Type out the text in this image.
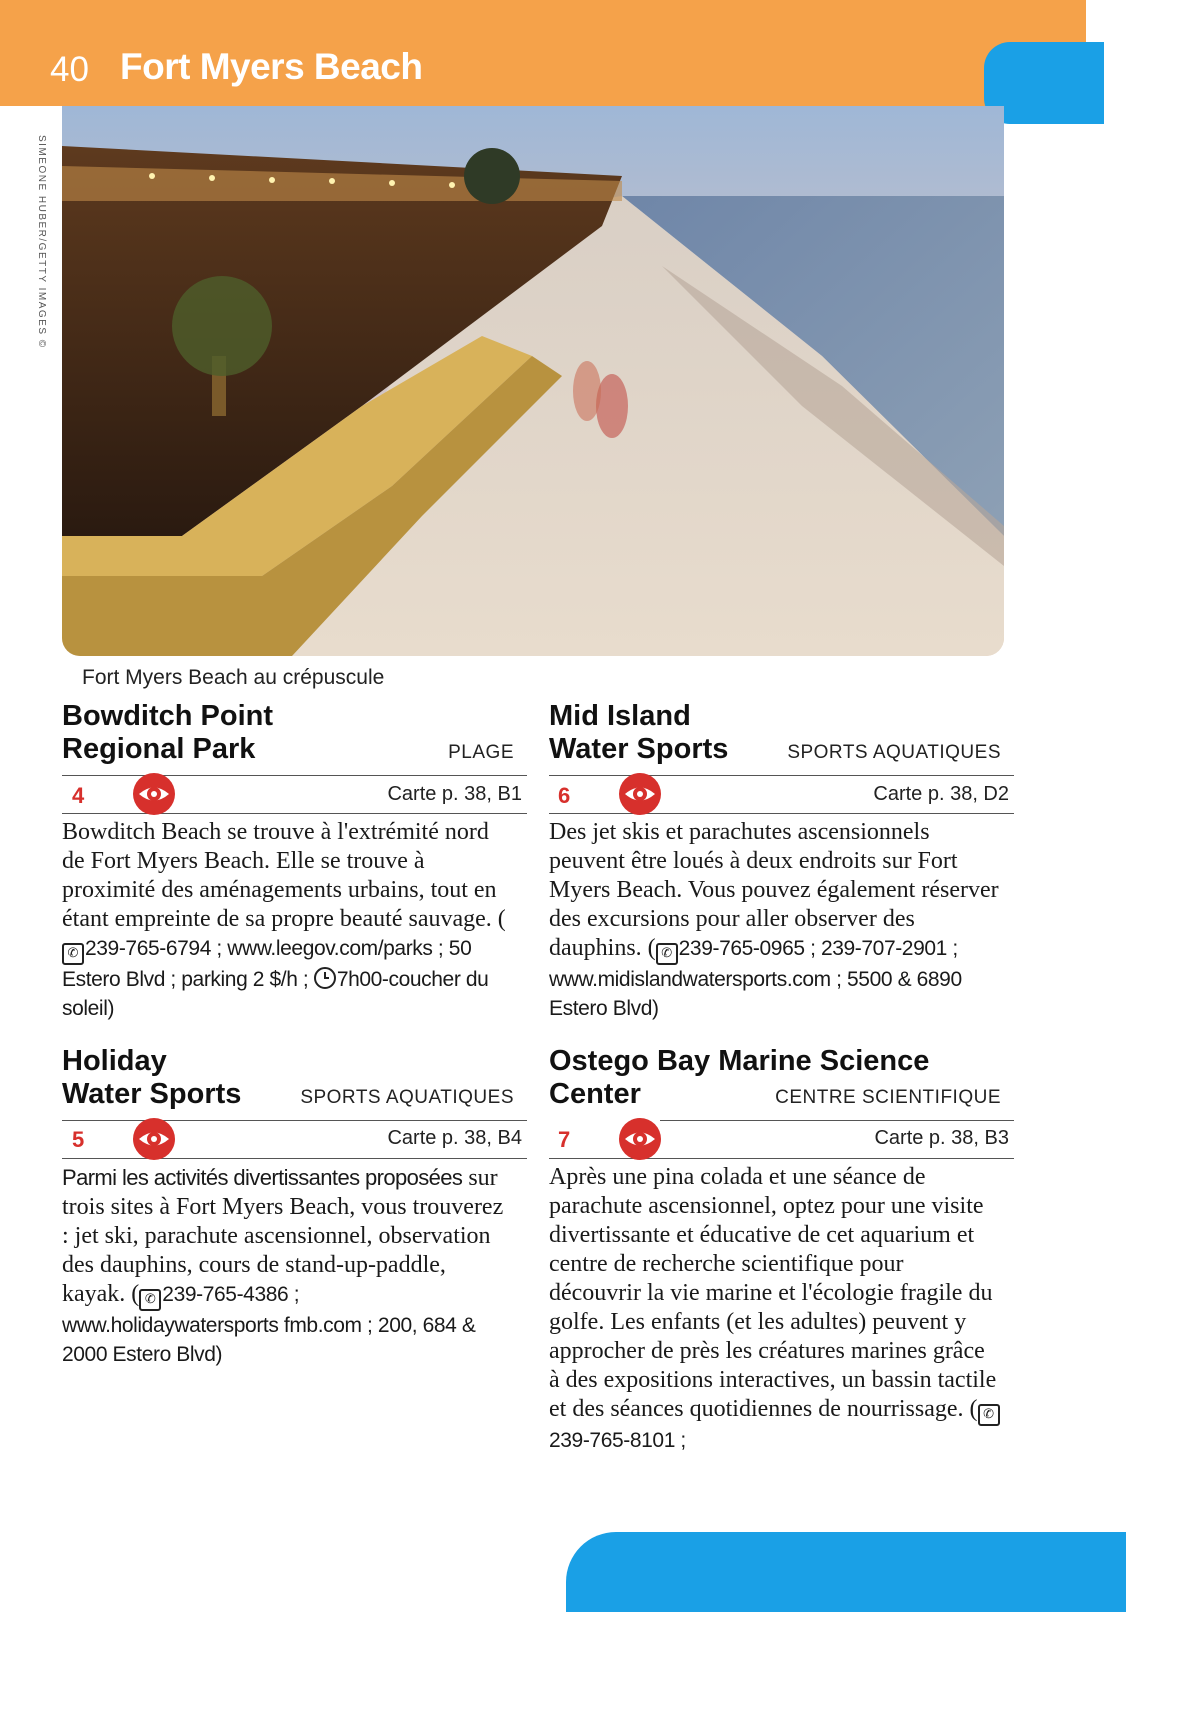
40 Fort Myers Beach
SIMEONE HUBER/GETTY IMAGES ©
Fort Myers Beach au crépuscule
Bowditch Point
Regional Park	PLAGE
4	Carte p. 38, B1
Bowditch Beach se trouve à l'extrémité nord de Fort Myers Beach. Elle se trouve à proximité des aménagements urbains, tout en étant empreinte de sa propre beauté sauvage. (✆ 239-765-6794 ; www.leegov.com/parks ; 50 Estero Blvd ; parking 2 $/h ; 7h00-coucher du soleil)
Holiday
Water Sports	SPORTS AQUATIQUES
5	Carte p. 38, B4
Parmi les activités divertissantes proposées sur trois sites à Fort Myers Beach, vous trouverez : jet ski, parachute ascensionnel, observation des dauphins, cours de stand-up-paddle, kayak. ( ✆ 239-765-4386 ; www.holidaywatersports fmb.com ; 200, 684 & 2000 Estero Blvd)
Mid Island
Water Sports	SPORTS AQUATIQUES
6	Carte p. 38, D2
Des jet skis et parachutes ascensionnels peuvent être loués à deux endroits sur Fort Myers Beach. Vous pouvez également réserver des excursions pour aller observer des dauphins. ( ✆ 239-765-0965 ; 239-707-2901 ; www.midislandwatersports.com ; 5500 & 6890 Estero Blvd)
Ostego Bay Marine Science
Center	CENTRE SCIENTIFIQUE
7	Carte p. 38, B3
Après une pina colada et une séance de parachute ascensionnel, optez pour une visite divertissante et éducative de cet aquarium et centre de recherche scientifique pour découvrir la vie marine et l'écologie fragile du golfe. Les enfants (et les adultes) peuvent y approcher de près les créatures marines grâce à des expositions interactives, un bassin tactile et des séances quotidiennes de nourrissage. ( ✆239-765-8101 ;
